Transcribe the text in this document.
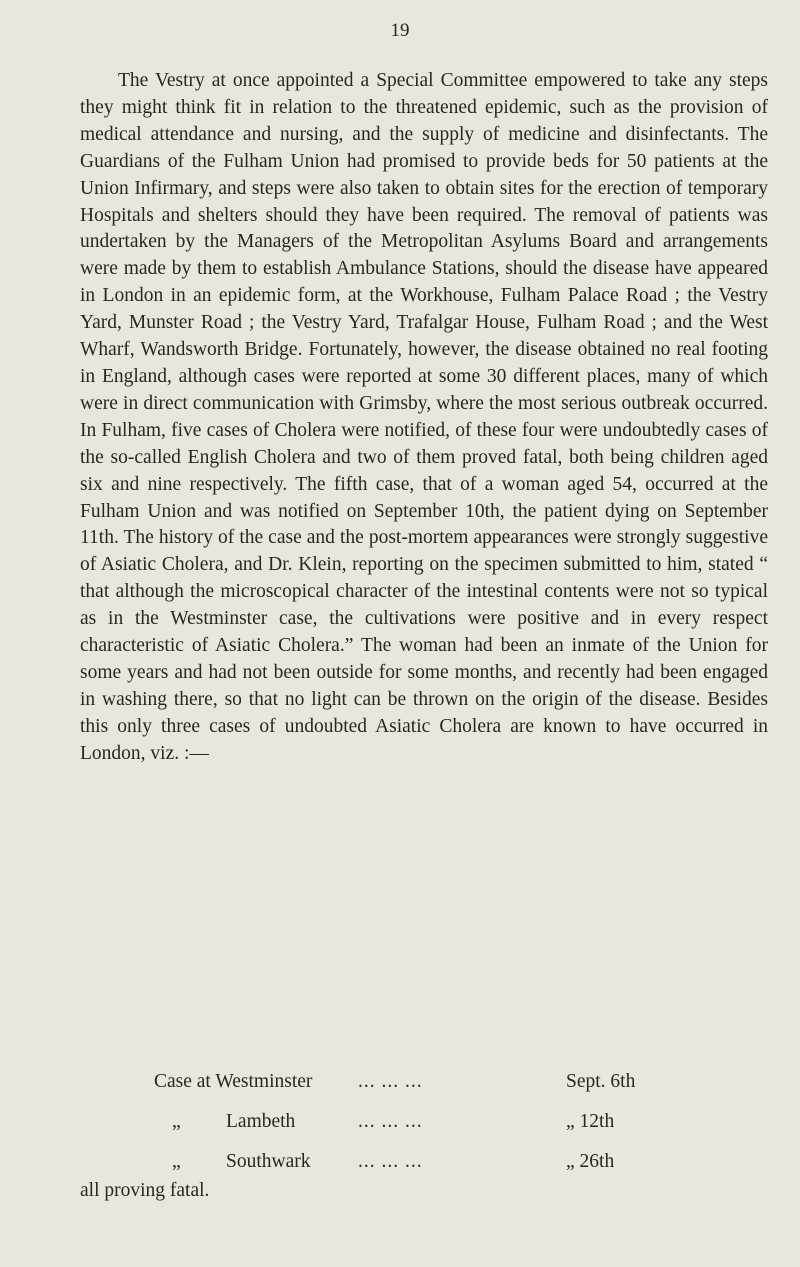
19

The Vestry at once appointed a Special Committee empowered to take any steps they might think fit in relation to the threatened epidemic, such as the provision of medical attendance and nursing, and the supply of medicine and disinfectants. The Guardians of the Fulham Union had promised to provide beds for 50 patients at the Union Infirmary, and steps were also taken to obtain sites for the erection of temporary Hospitals and shelters should they have been required. The removal of patients was undertaken by the Managers of the Metropolitan Asylums Board and arrangements were made by them to establish Ambulance Stations, should the disease have appeared in London in an epidemic form, at the Workhouse, Fulham Palace Road ; the Vestry Yard, Munster Road ; the Vestry Yard, Trafalgar House, Fulham Road ; and the West Wharf, Wandsworth Bridge. Fortunately, however, the disease obtained no real footing in England, although cases were reported at some 30 different places, many of which were in direct communication with Grimsby, where the most serious outbreak occurred. In Fulham, five cases of Cholera were notified, of these four were undoubtedly cases of the so-called English Cholera and two of them proved fatal, both being children aged six and nine respectively. The fifth case, that of a woman aged 54, occurred at the Fulham Union and was notified on September 10th, the patient dying on September 11th. The history of the case and the post-mortem appearances were strongly suggestive of Asiatic Cholera, and Dr. Klein, reporting on the specimen submitted to him, stated “ that although the microscopical character of the intestinal contents were not so typical as in the Westminster case, the cultivations were positive and in every respect characteristic of Asiatic Cholera.” The woman had been an inmate of the Union for some years and had not been outside for some months, and recently had been engaged in washing there, so that no light can be thrown on the origin of the disease. Besides this only three cases of undoubted Asiatic Cholera are known to have occurred in London, viz. :—

Case at Westminster ... ... ...	Sept. 6th
„ Lambeth	... ... ...	„ 12th
„ Southwark ... ... ...	„ 26th

all proving fatal.
